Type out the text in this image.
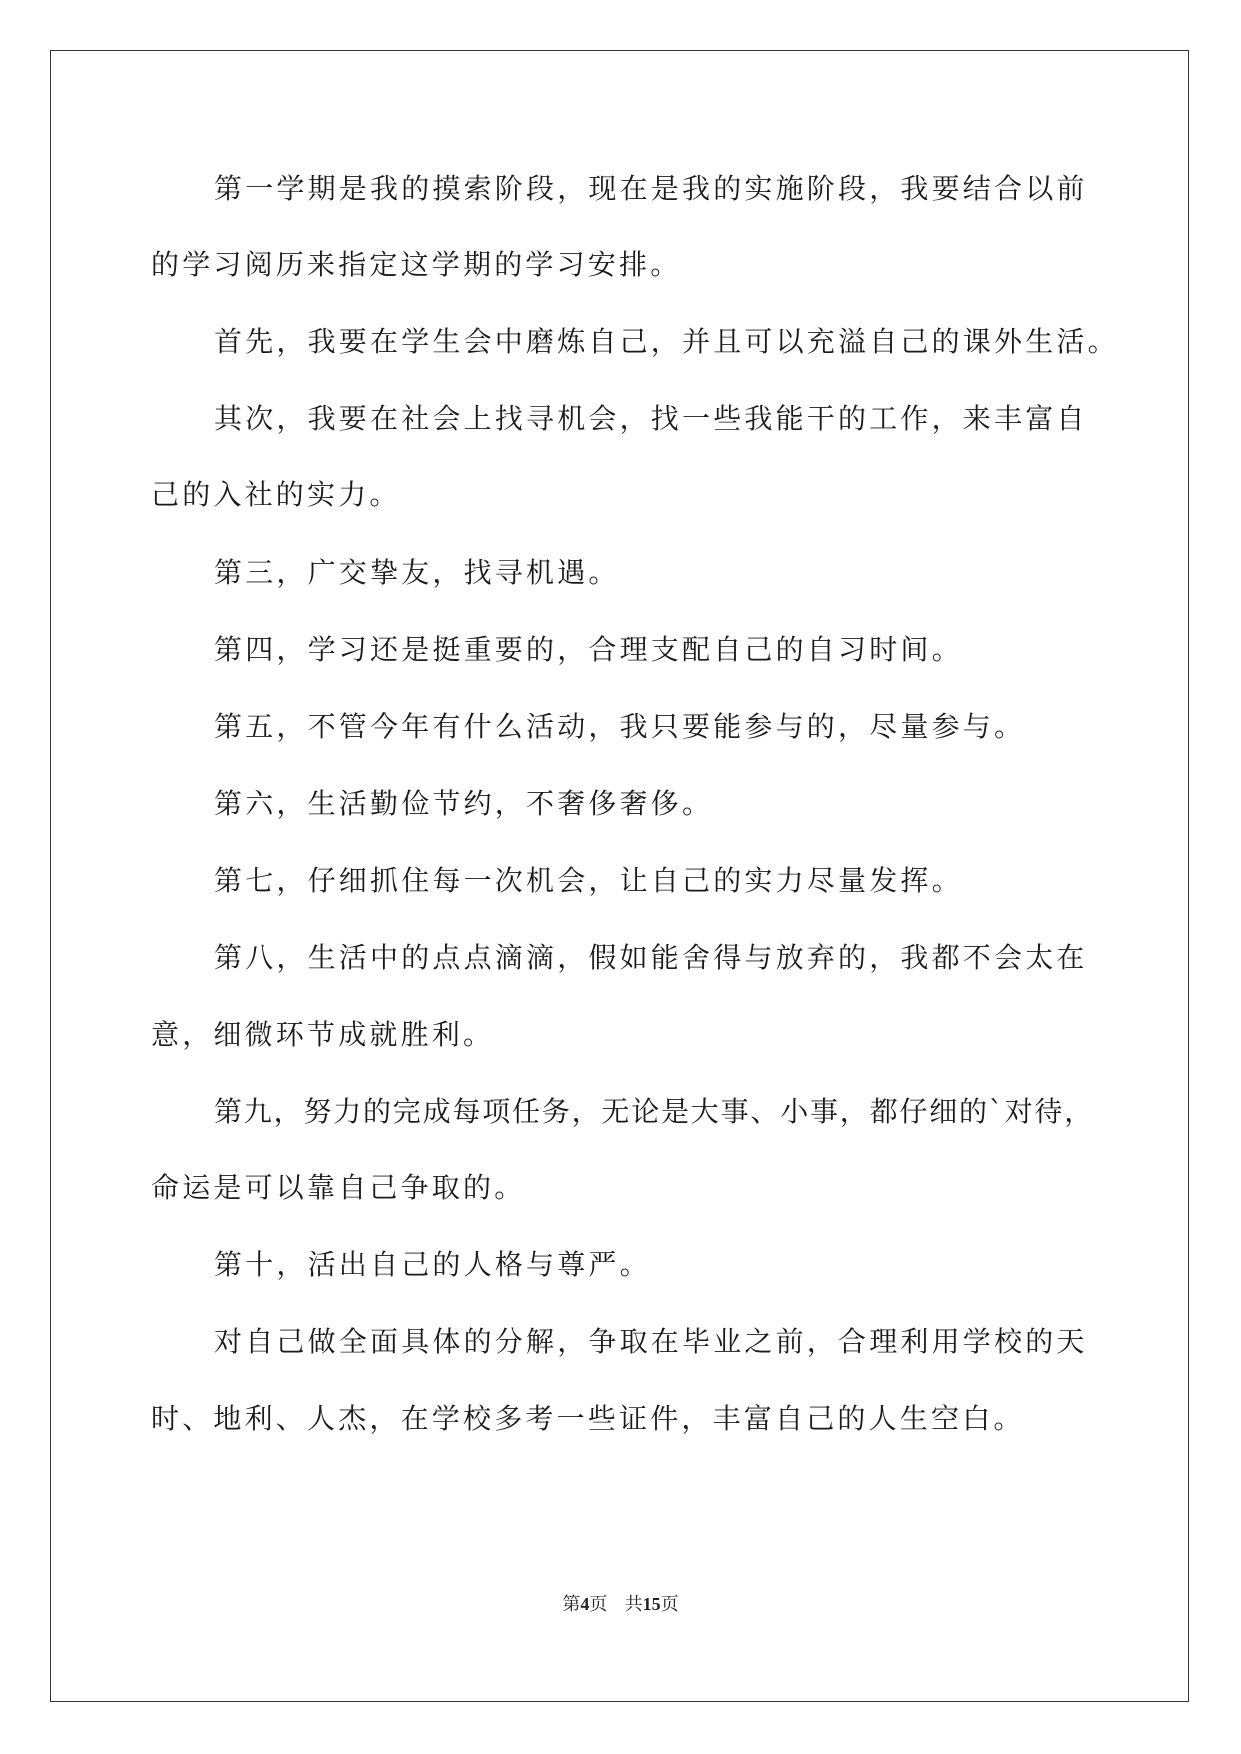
第一学期是我的摸索阶段，现在是我的实施阶段，我要结合以前
的学习阅历来指定这学期的学习安排。
首先，我要在学生会中磨炼自己，并且可以充溢自己的课外生活。
其次，我要在社会上找寻机会，找一些我能干的工作，来丰富自
己的入社的实力。
第三，广交挚友，找寻机遇。
第四，学习还是挺重要的，合理支配自己的自习时间。
第五，不管今年有什么活动，我只要能参与的，尽量参与。
第六，生活勤俭节约，不奢侈奢侈。
第七，仔细抓住每一次机会，让自己的实力尽量发挥。
第八，生活中的点点滴滴，假如能舍得与放弃的，我都不会太在
意，细微环节成就胜利。
第九，努力的完成每项任务，无论是大事、小事，都仔细的`对待，
命运是可以靠自己争取的。
第十，活出自己的人格与尊严。
对自己做全面具体的分解，争取在毕业之前，合理利用学校的天
时、地利、人杰，在学校多考一些证件，丰富自己的人生空白。
第4页 共15页
